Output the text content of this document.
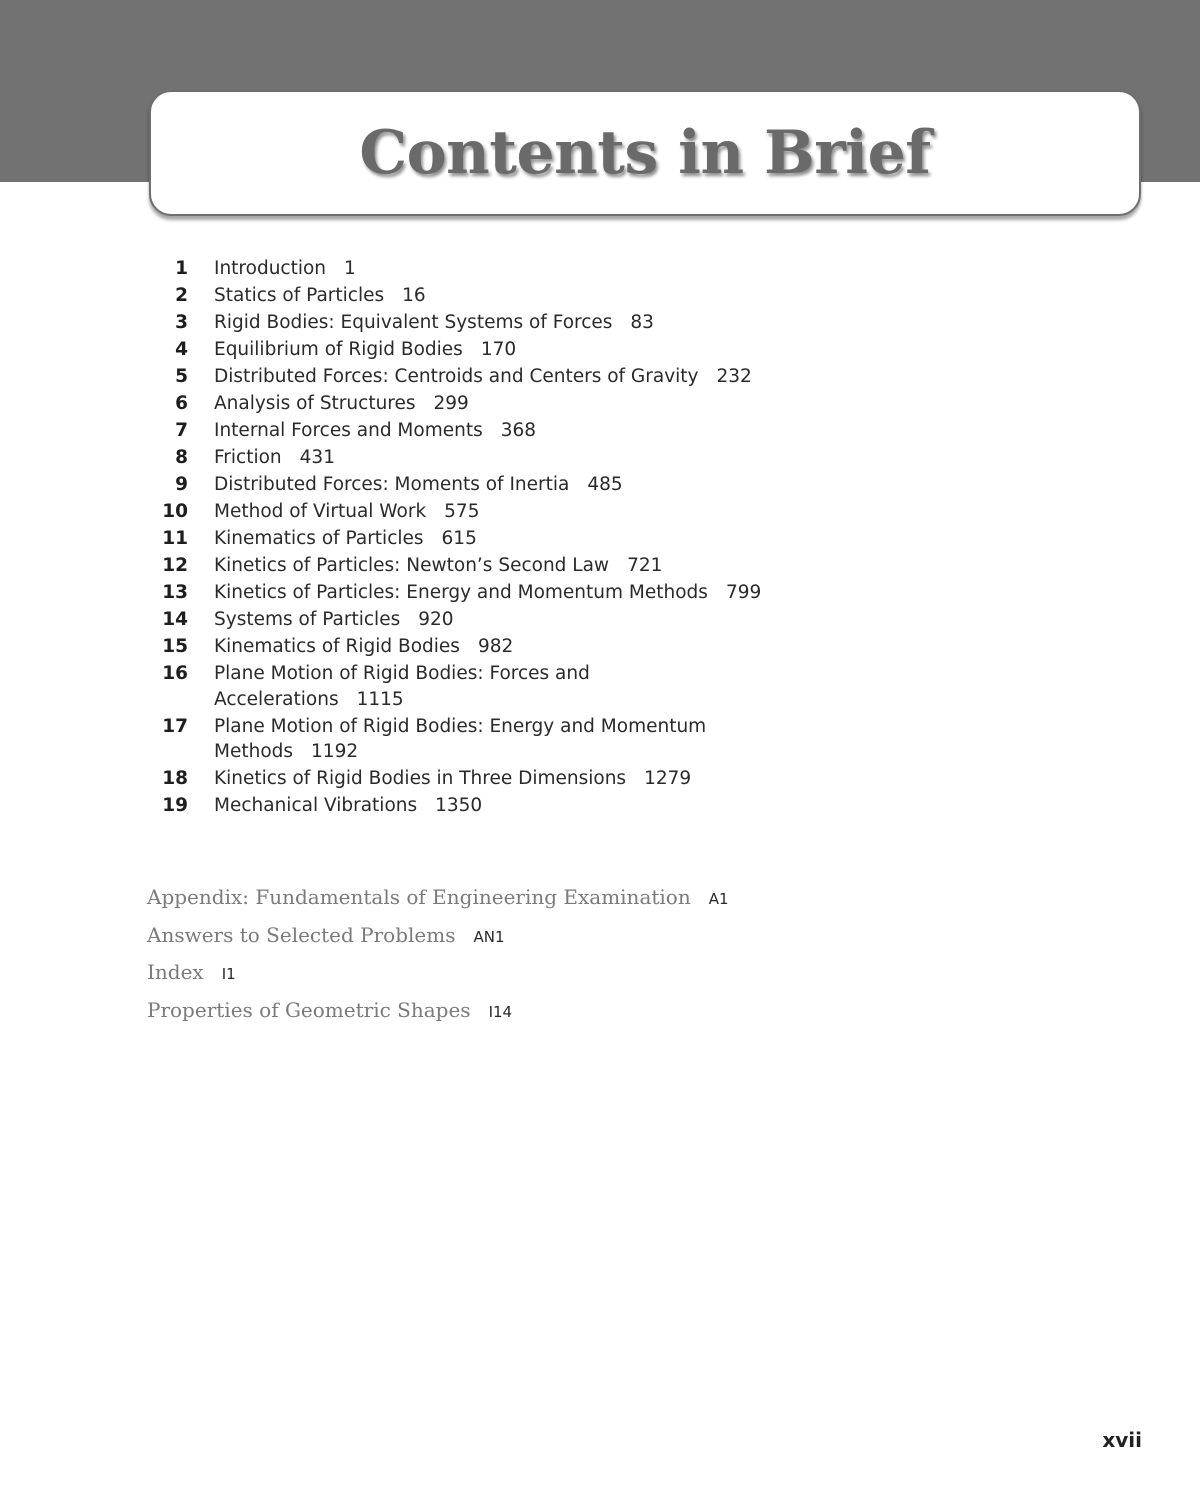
Contents in Brief
1 Introduction 1
2 Statics of Particles 16
3 Rigid Bodies: Equivalent Systems of Forces 83
4 Equilibrium of Rigid Bodies 170
5 Distributed Forces: Centroids and Centers of Gravity 232
6 Analysis of Structures 299
7 Internal Forces and Moments 368
8 Friction 431
9 Distributed Forces: Moments of Inertia 485
10 Method of Virtual Work 575
11 Kinematics of Particles 615
12 Kinetics of Particles: Newton’s Second Law 721
13 Kinetics of Particles: Energy and Momentum Methods 799
14 Systems of Particles 920
15 Kinematics of Rigid Bodies 982
16 Plane Motion of Rigid Bodies: Forces and
Accelerations 1115
17 Plane Motion of Rigid Bodies: Energy and Momentum
Methods 1192
18 Kinetics of Rigid Bodies in Three Dimensions 1279
19 Mechanical Vibrations 1350
Appendix: Fundamentals of Engineering Examination A1
Answers to Selected Problems AN1
Index I1
Properties of Geometric Shapes I14
xvii
